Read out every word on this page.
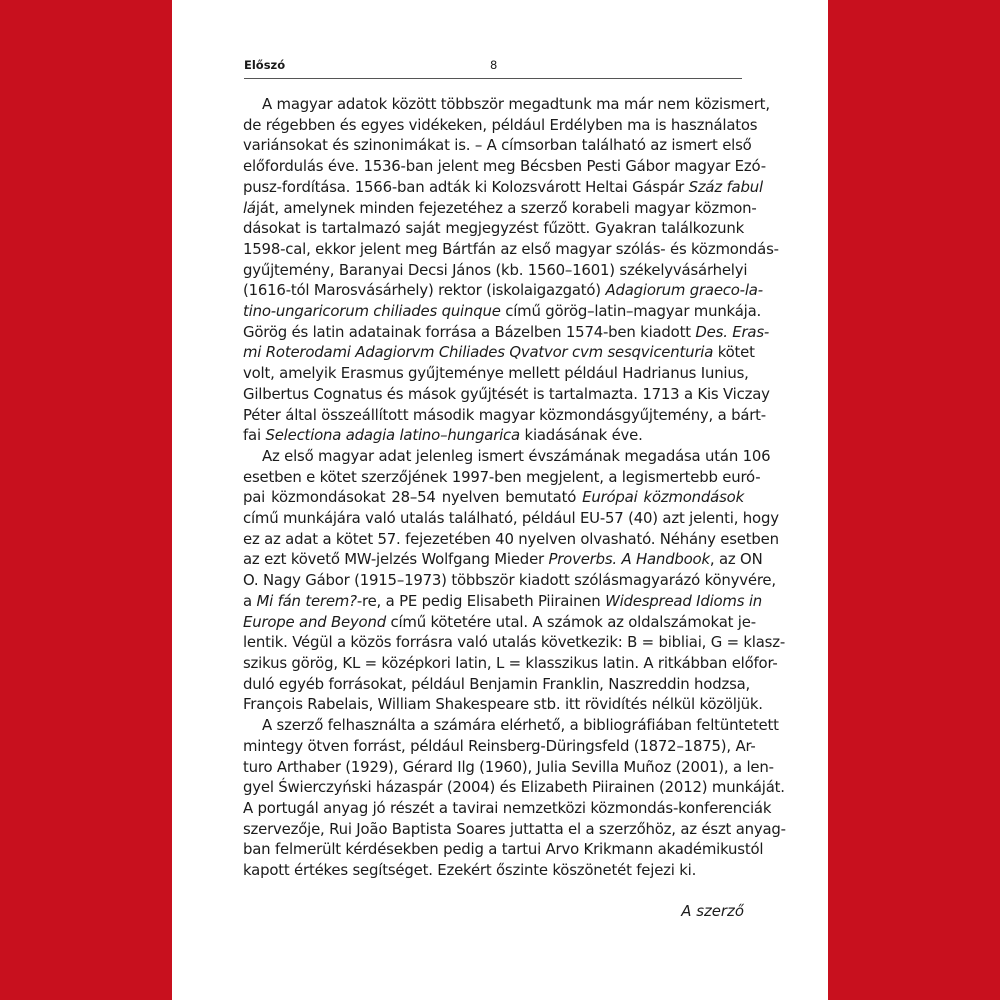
Előszó	8

A magyar adatok között többször megadtunk ma már nem közismert,
de régebben és egyes vidékeken, például Erdélyben ma is használatos
variánsokat és szinonimákat is. – A címsorban található az ismert első
előfordulás éve. 1536-ban jelent meg Bécsben Pesti Gábor magyar Ezó-
pusz-fordítása. 1566-ban adták ki Kolozsvárott Heltai Gáspár Száz fabul
láját, amelynek minden fejezetéhez a szerző korabeli magyar közmon-
dásokat is tartalmazó saját megjegyzést fűzött. Gyakran találkozunk
1598-cal, ekkor jelent meg Bártfán az első magyar szólás- és közmondás-
gyűjtemény, Baranyai Decsi János (kb. 1560–1601) székelyvásárhelyi
(1616-tól Marosvásárhely) rektor (iskolaigazgató) Adagiorum graeco-la-
tino-ungaricorum chiliades quinque című görög–latin–magyar munkája.
Görög és latin adatainak forrása a Bázelben 1574-ben kiadott Des. Eras-
mi Roterodami Adagiorvm Chiliades Qvatvor cvm sesqvicenturia kötet
volt, amelyik Erasmus gyűjteménye mellett például Hadrianus Iunius,
Gilbertus Cognatus és mások gyűjtését is tartalmazta. 1713 a Kis Viczay
Péter által összeállított második magyar közmondásgyűjtemény, a bárt-
fai Selectiona adagia latino–hungarica kiadásának éve.

Az első magyar adat jelenleg ismert évszámának megadása után 106
esetben e kötet szerzőjének 1997-ben megjelent, a legismertebb euró-
pai közmondásokat 28–54 nyelven bemutató Európai közmondások
című munkájára való utalás található, például EU-57 (40) azt jelenti, hogy
ez az adat a kötet 57. fejezetében 40 nyelven olvasható. Néhány esetben
az ezt követő MW-jelzés Wolfgang Mieder Proverbs. A Handbook, az ON
O. Nagy Gábor (1915–1973) többször kiadott szólásmagyarázó könyvére,
a Mi fán terem?-re, a PE pedig Elisabeth Piirainen Widespread Idioms in
Europe and Beyond című kötetére utal. A számok az oldalszámokat je-
lentik. Végül a közös forrásra való utalás következik: B = bibliai, G = klasz-
szikus görög, KL = középkori latin, L = klasszikus latin. A ritkábban előfor-
duló egyéb forrásokat, például Benjamin Franklin, Naszreddin hodzsa,
François Rabelais, William Shakespeare stb. itt rövidítés nélkül közöljük.

A szerző felhasználta a számára elérhető, a bibliográfiában feltüntetett
mintegy ötven forrást, például Reinsberg-Düringsfeld (1872–1875), Ar-
turo Arthaber (1929), Gérard Ilg (1960), Julia Sevilla Muñoz (2001), a len-
gyel Świerczyński házaspár (2004) és Elizabeth Piirainen (2012) munkáját.
A portugál anyag jó részét a tavirai nemzetközi közmondás-konferenciák
szervezője, Rui João Baptista Soares juttatta el a szerzőhöz, az észt anyag-
ban felmerült kérdésekben pedig a tartui Arvo Krikmann akadémikustól
kapott értékes segítséget. Ezekért őszinte köszönetét fejezi ki.

A szerző
